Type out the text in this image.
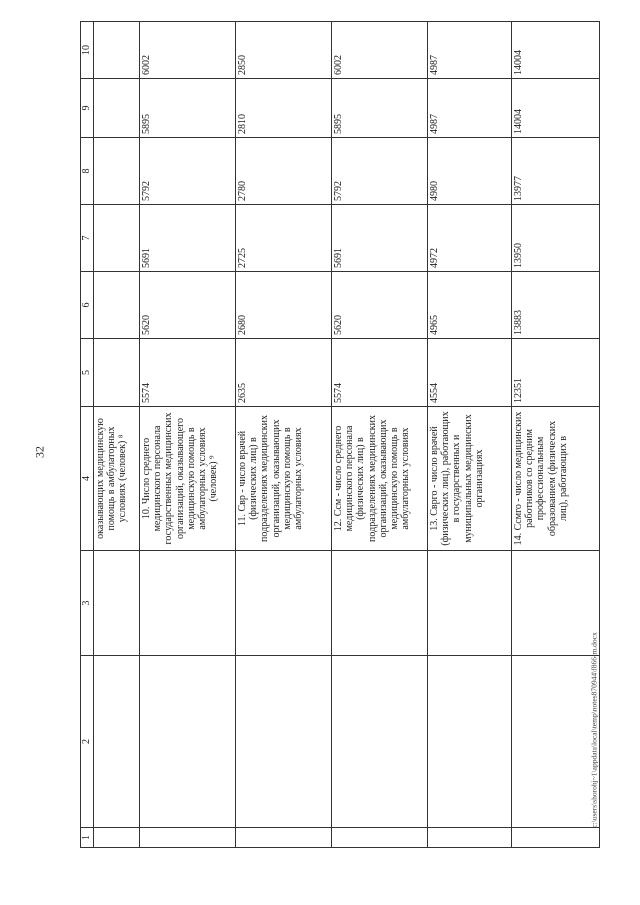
32
1	2	3	4	5	6	7	8	9	10
			оказывающих медицинскую помощь в амбулаторных условиях (человек) ⁸						
			10. Число среднего медицинского персонала государственных медицинских организаций, оказывающего медицинскую помощь в амбулаторных условиях (человек) ⁹	5574	5620	5691	5792	5895	6002
			11. Cвр - число врачей (физических лиц) в подразделениях медицинских организаций, оказывающих медицинскую помощь в амбулаторных условиях	2635	2680	2725	2780	2810	2850
			12. Сcм - число среднего медицинского персонала (физических лиц) в подразделениях медицинских организаций, оказывающих медицинскую помощь в амбулаторных условиях	5574	5620	5691	5792	5895	6002
			13. Cврго - число врачей (физических лиц), работающих в государственных и муниципальных медицинских организациях	4554	4965	4972	4980	4987	4987
			14. Cсмго - число медицинских работников со средним профессиональным образованием (физических лиц), работающих в	12351	13883	13950	13977	14004	14004
c:\users\shorohj~1\appdata\local\temp\notes870944\f866-m.docx
